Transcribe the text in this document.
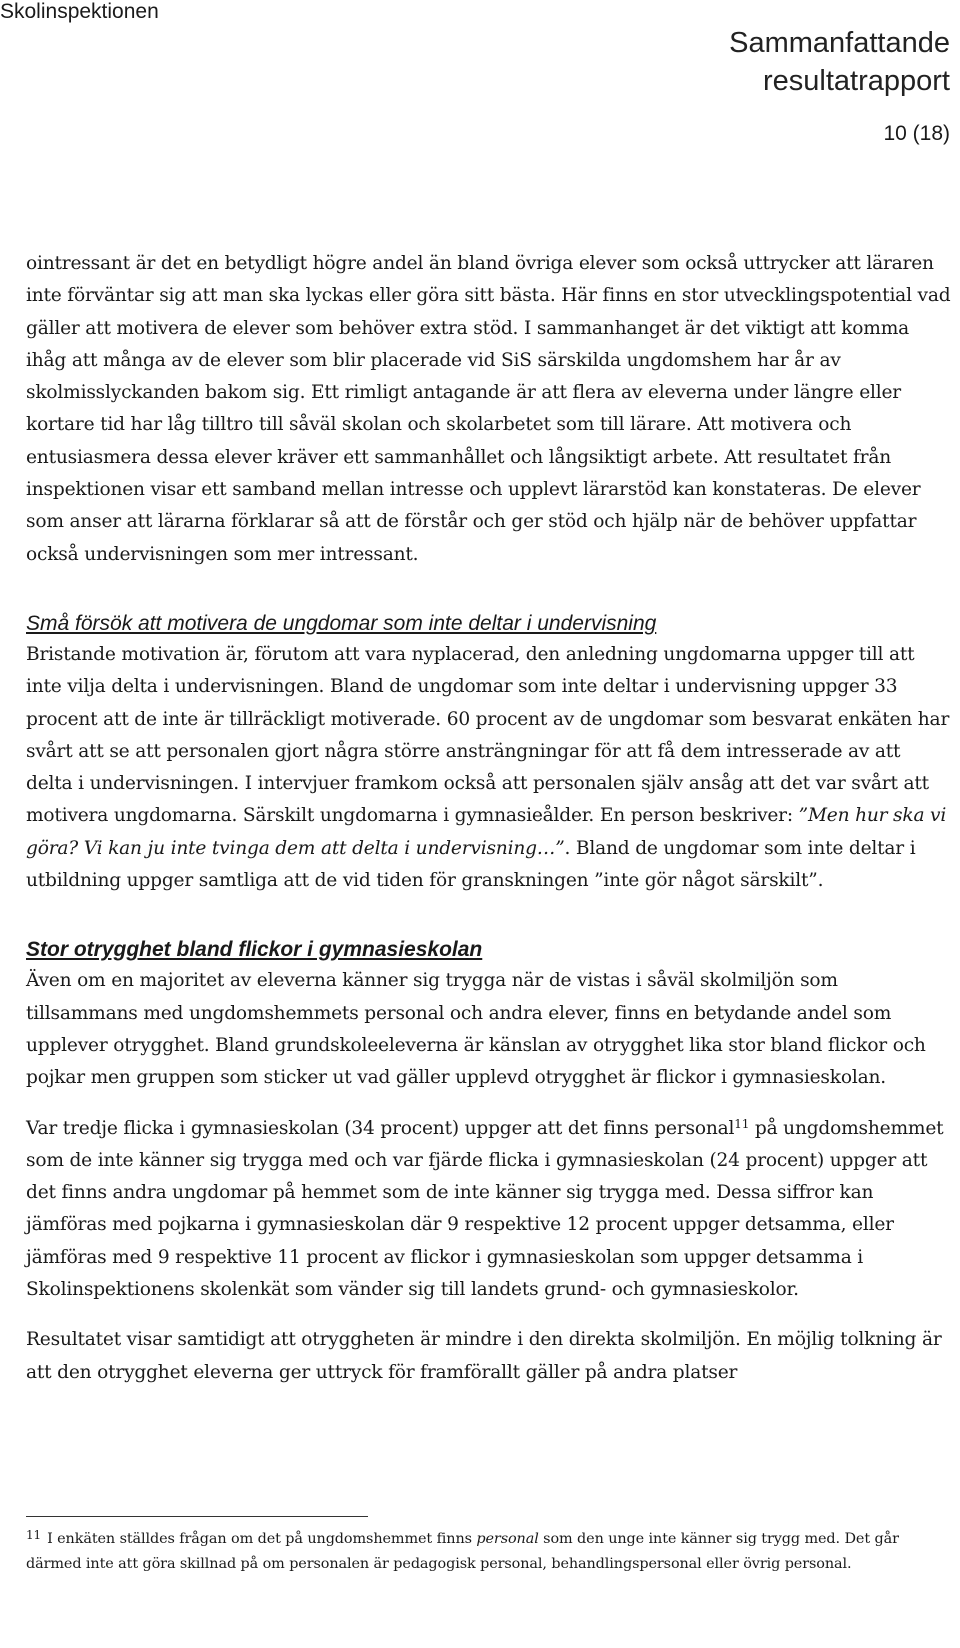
Skolinspektionen
Sammanfattande
resultatrapport
10 (18)

ointressant är det en betydligt högre andel än bland övriga elever som också uttrycker att läraren inte förväntar sig att man ska lyckas eller göra sitt bästa. Här finns en stor utvecklingspotential vad gäller att motivera de elever som behöver extra stöd. I sammanhanget är det viktigt att komma ihåg att många av de elever som blir placerade vid SiS särskilda ungdomshem har år av skolmisslyckanden bakom sig. Ett rimligt antagande är att flera av eleverna under längre eller kortare tid har låg tilltro till såväl skolan och skolarbetet som till lärare. Att motivera och entusiasmera dessa elever kräver ett sammanhållet och långsiktigt arbete. Att resultatet från inspektionen visar ett samband mellan intresse och upplevt lärarstöd kan konstateras. De elever som anser att lärarna förklarar så att de förstår och ger stöd och hjälp när de behöver uppfattar också undervisningen som mer intressant.

Små försök att motivera de ungdomar som inte deltar i undervisning

Bristande motivation är, förutom att vara nyplacerad, den anledning ungdomarna uppger till att inte vilja delta i undervisningen. Bland de ungdomar som inte deltar i undervisning uppger 33 procent att de inte är tillräckligt motiverade. 60 procent av de ungdomar som besvarat enkäten har svårt att se att personalen gjort några större ansträngningar för att få dem intresserade av att delta i undervisningen. I intervjuer framkom också att personalen själv ansåg att det var svårt att motivera ungdomarna. Särskilt ungdomarna i gymnasieålder. En person beskriver: ”Men hur ska vi göra? Vi kan ju inte tvinga dem att delta i undervisning…”. Bland de ungdomar som inte deltar i utbildning uppger samtliga att de vid tiden för granskningen ”inte gör något särskilt”.

Stor otrygghet bland flickor i gymnasieskolan

Även om en majoritet av eleverna känner sig trygga när de vistas i såväl skolmiljön som tillsammans med ungdomshemmets personal och andra elever, finns en betydande andel som upplever otrygghet. Bland grundskoleeleverna är känslan av otrygghet lika stor bland flickor och pojkar men gruppen som sticker ut vad gäller upplevd otrygghet är flickor i gymnasieskolan.

Var tredje flicka i gymnasieskolan (34 procent) uppger att det finns personal$^{11}$ på ungdomshemmet som de inte känner sig trygga med och var fjärde flicka i gymnasieskolan (24 procent) uppger att det finns andra ungdomar på hemmet som de inte känner sig trygga med. Dessa siffror kan jämföras med pojkarna i gymnasieskolan där 9 respektive 12 procent uppger detsamma, eller jämföras med 9 respektive 11 procent av flickor i gymnasieskolan som uppger detsamma i Skolinspektionens skolenkät som vänder sig till landets grund- och gymnasieskolor.

Resultatet visar samtidigt att otryggheten är mindre i den direkta skolmiljön. En möjlig tolkning är att den otrygghet eleverna ger uttryck för framförallt gäller på andra platser

$^{11}$ I enkäten ställdes frågan om det på ungdomshemmet finns personal som den unge inte känner sig trygg med. Det går därmed inte att göra skillnad på om personalen är pedagogisk personal, behandlingspersonal eller övrig personal.
